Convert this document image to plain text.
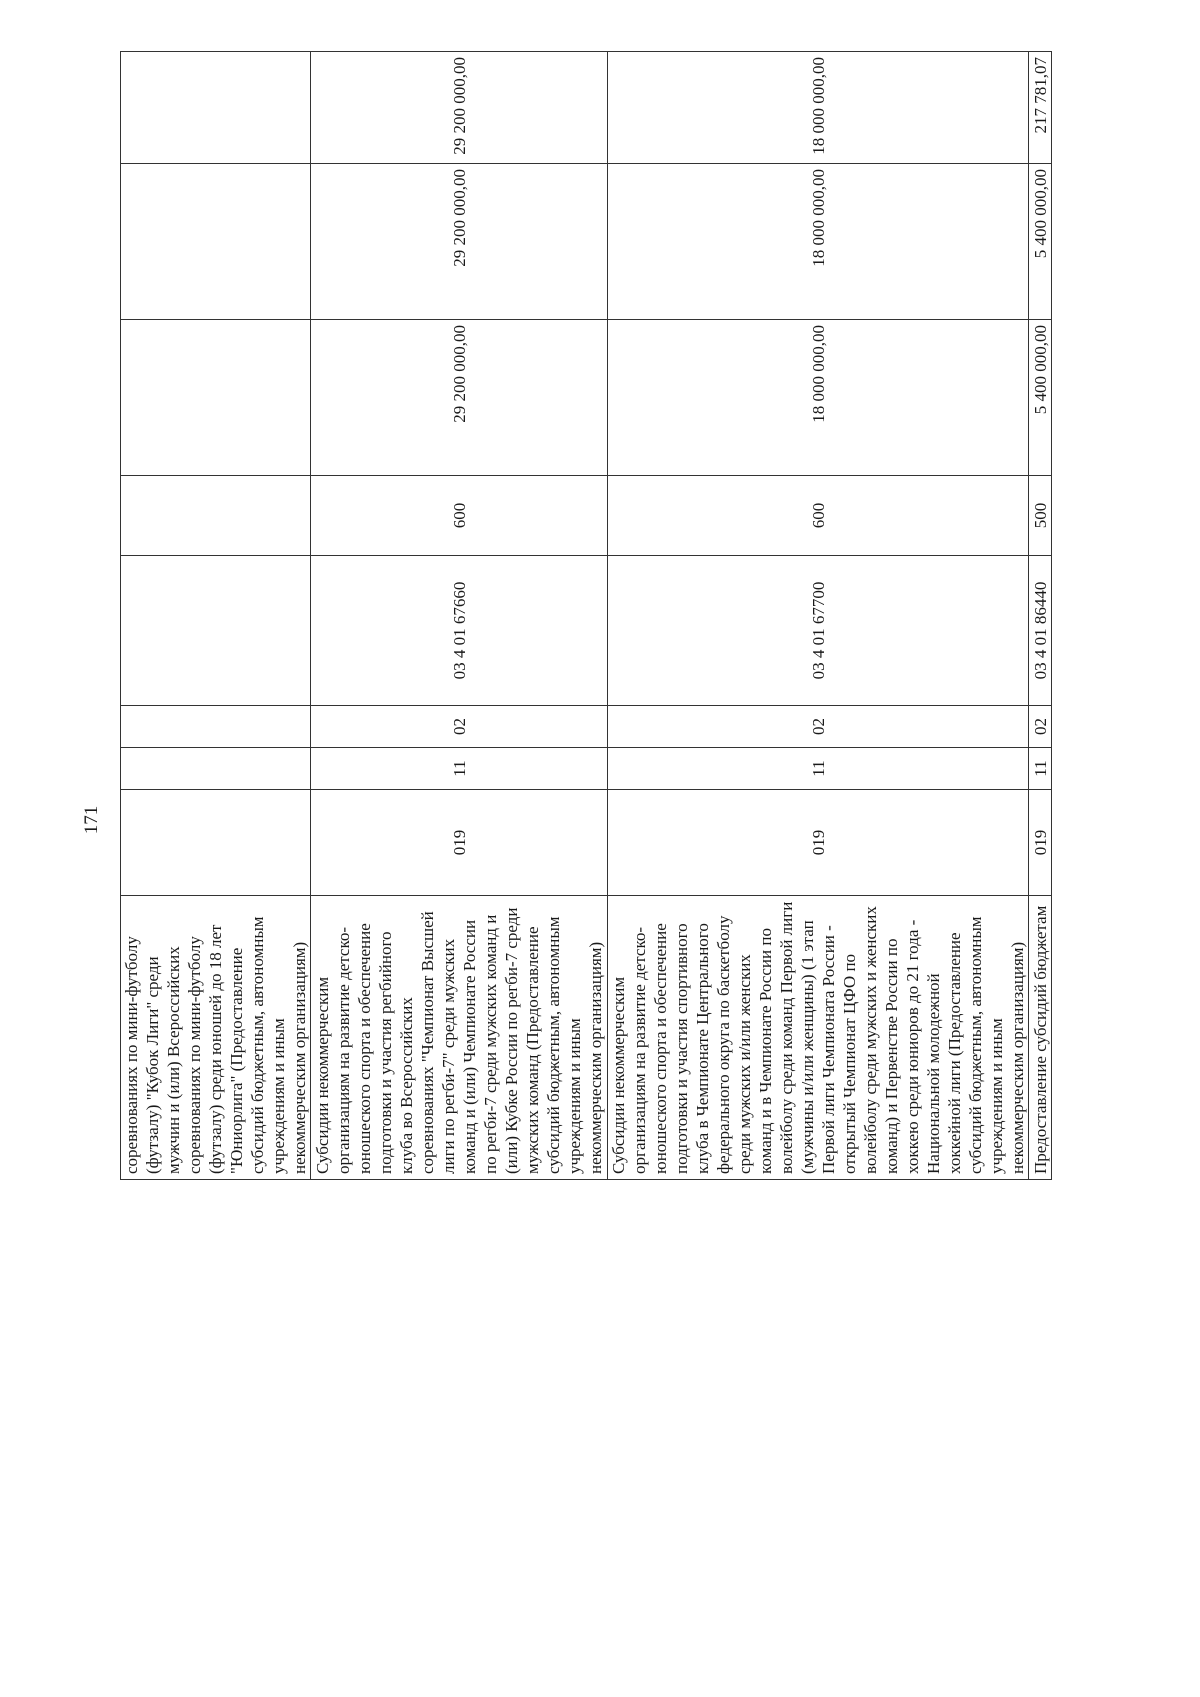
171
соревнованиях по мини-футболу (футзалу) "Кубок Лиги" среди мужчин и (или) Всероссийских соревнованиях по мини-футболу (футзалу) среди юношей до 18 лет "Юниорлига" (Предоставление субсидий бюджетным, автономным учреждениям и иным некоммерческим организациям)								
Субсидии некоммерческим организациям на развитие детско-юношеского спорта и обеспечение подготовки и участия регбийного клуба во Всероссийских соревнованиях "Чемпионат Высшей лиги по регби-7" среди мужских команд и (или) Чемпионате России по регби-7 среди мужских команд и (или) Кубке России по регби-7 среди мужских команд (Предоставление субсидий бюджетным, автономным учреждениям и иным некоммерческим организациям)	019	11	02	03 4 01 67660	600	29 200 000,00	29 200 000,00	29 200 000,00
Субсидии некоммерческим организациям на развитие детско- юношеского спорта и обеспечение подготовки и участия спортивного клуба в Чемпионате Центрального федерального округа по баскетболу среди мужских и/или женских команд и в Чемпионате России по волейболу среди команд Первой лиги (мужчины и/или женщины) (1 этап Первой лиги Чемпионата России - открытый Чемпионат ЦФО по волейболу среди мужских и женских команд) и Первенстве России по хоккею среди юниоров до 21 года - Национальной молодежной хоккейной лиги (Предоставление субсидий бюджетным, автономным учреждениям и иным некоммерческим организациям)	019	11	02	03 4 01 67700	600	18 000 000,00	18 000 000,00	18 000 000,00
Предоставление субсидий бюджетам	019	11	02	03 4 01 86440	500	5 400 000,00	5 400 000,00	217 781,07
